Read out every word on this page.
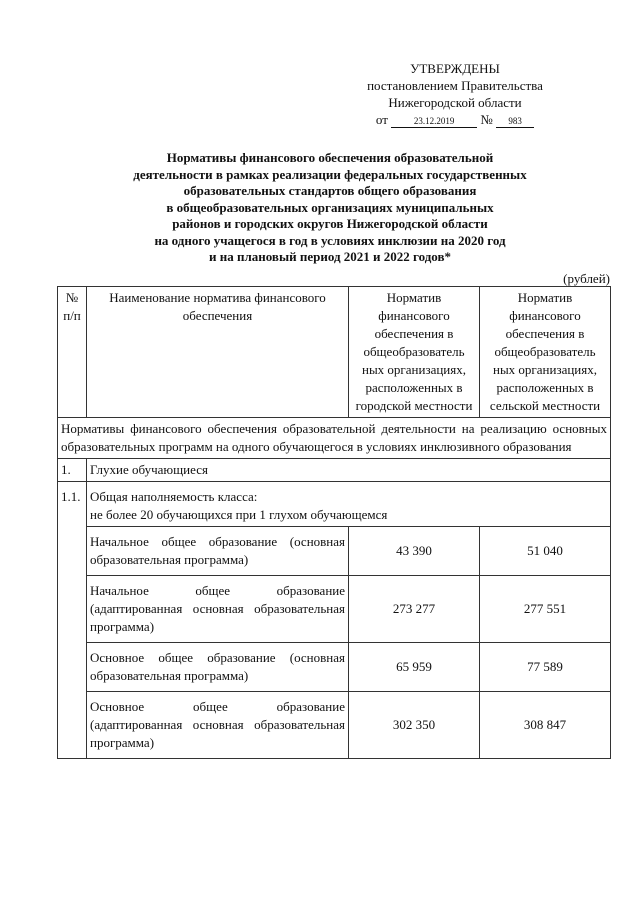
УТВЕРЖДЕНЫ
постановлением Правительства
Нижегородской области
от	23.12.2019 № 983
Нормативы финансового обеспечения образовательной
деятельности в рамках реализации федеральных государственных
образовательных стандартов общего образования
в общеобразовательных организациях муниципальных
районов и городских округов Нижегородской области
на одного учащегося в год в условиях инклюзии на 2020 год
и на плановый период 2021 и 2022 годов*
(рублей)
№ п/п	Наименование норматива финансового обеспечения	Норматив финансового обеспечения в общеобразователь ных организациях, расположенных в городской местности	Норматив финансового обеспечения в общеобразователь ных организациях, расположенных в сельской местности
Нормативы финансового обеспечения образовательной деятельности на реализацию основных образовательных программ на одного обучающегося в условиях инклюзивного образования			
1.	Глухие обучающиеся		
1.1.	Общая наполняемость класса:
не более 20 обучающихся при 1 глухом обучающемся		

	Начальное общее образование (основная образовательная программа)	43 390	51 040
	Начальное общее образование (адаптированная основная образовательная программа)	273 277	277 551
	Основное общее образование (основная образовательная программа)	65 959	77 589
	Основное общее образование (адаптированная основная образовательная программа)	302 350	308 847
